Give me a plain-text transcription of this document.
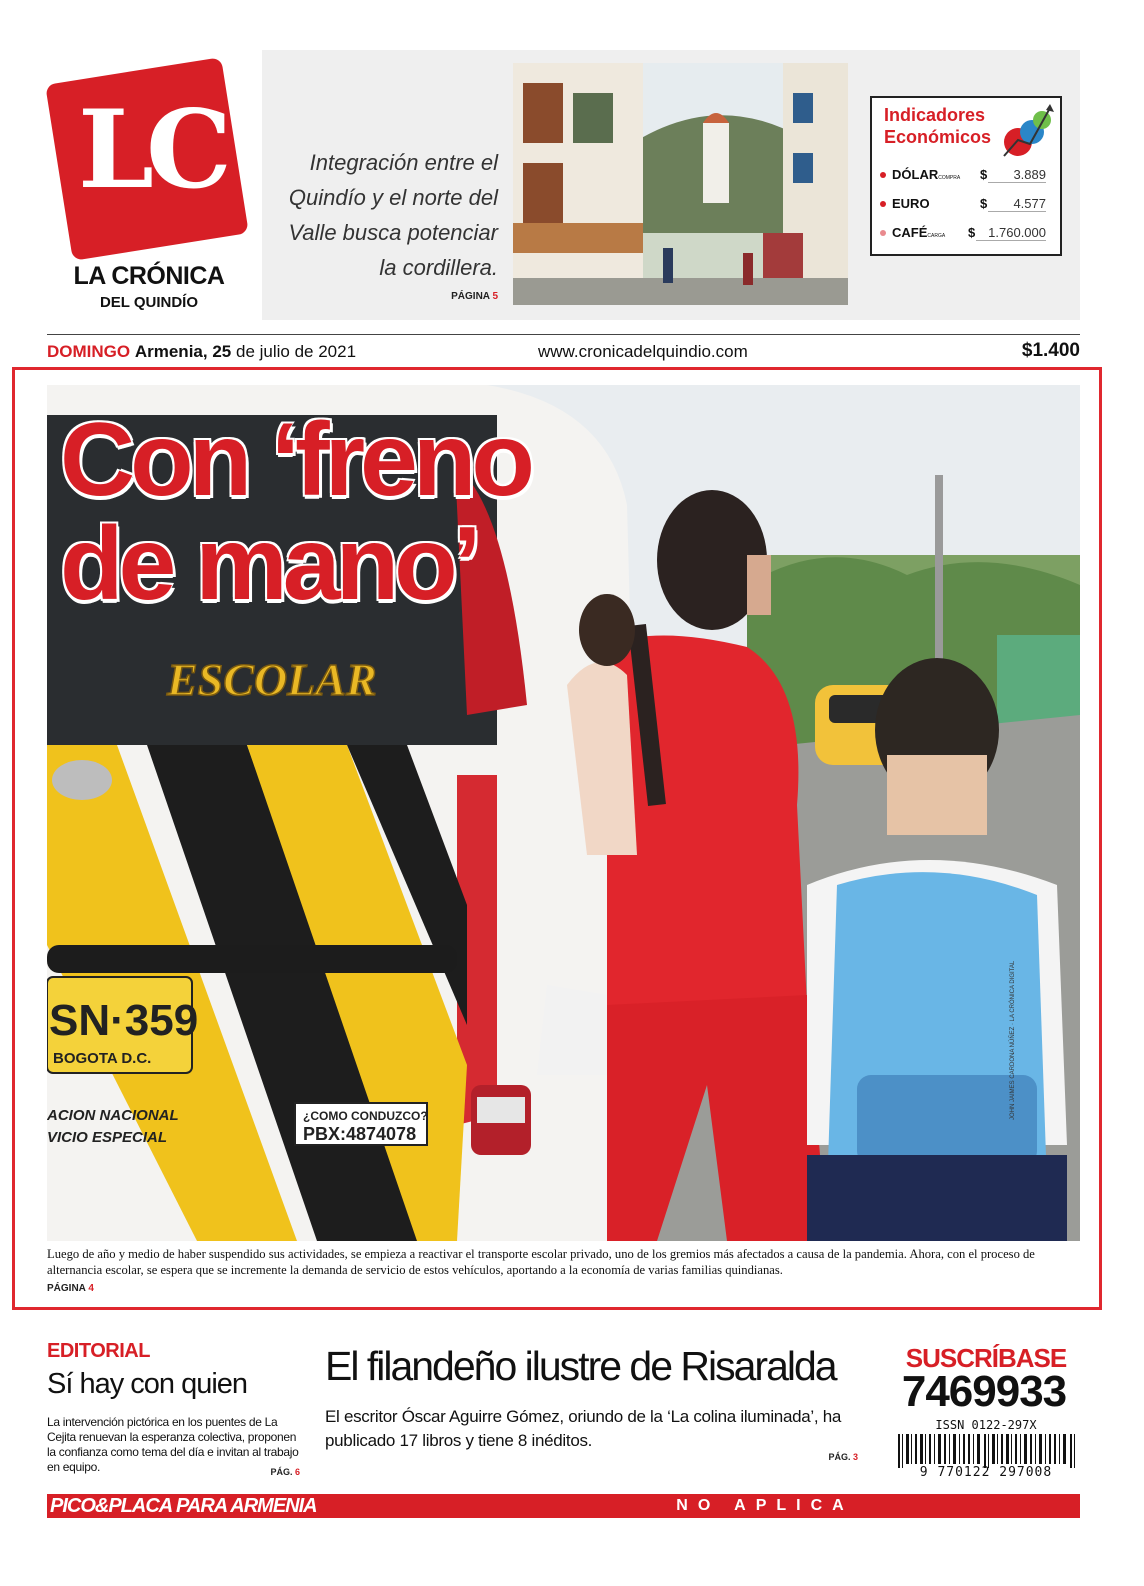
LC
LA CRÓNICA
DEL QUINDÍO
Integración entre el Quindío y el norte del Valle busca potenciar la cordillera.
PÁGINA 5
Indicadores Económicos
DÓLARCOMPRA $	3.889
EURO	$	4.577
CAFÉCARGA $ 1.760.000
DOMINGO Armenia, 25 de julio de 2021	www.cronicadelquindio.com	$1.400
SN·359
BOGOTA D.C.
¿COMO CONDUZCO?
PBX:4874078
ACION NACIONAL
VICIO ESPECIAL
ESCOLAR
Con ‘freno
de mano’
JOHN JAIMES CARDONA NÚÑEZ · LA CRÓNICA DIGITAL
Luego de año y medio de haber suspendido sus actividades, se empieza a reactivar el transporte escolar privado, uno de los gremios más afectados a causa de la pandemia. Ahora, con el proceso de alternancia escolar, se espera que se incremente la demanda de servicio de estos vehículos, aportando a la economía de varias familias quindianas.
PÁGINA 4
EDITORIAL
Sí hay con quien
La intervención pictórica en los puentes de La Cejita renuevan la esperanza colectiva, proponen la confianza como tema del día e invitan al trabajo en equipo.	PÁG. 6
El filandeño ilustre de Risaralda
El escritor Óscar Aguirre Gómez, oriundo de la ‘La colina iluminada’, ha publicado 17 libros y tiene 8 inéditos.
PÁG. 3
SUSCRÍBASE
7469933
ISSN 0122-297X
9 770122 297008
PICO&PLACA PARA ARMENIA	NO APLICA
